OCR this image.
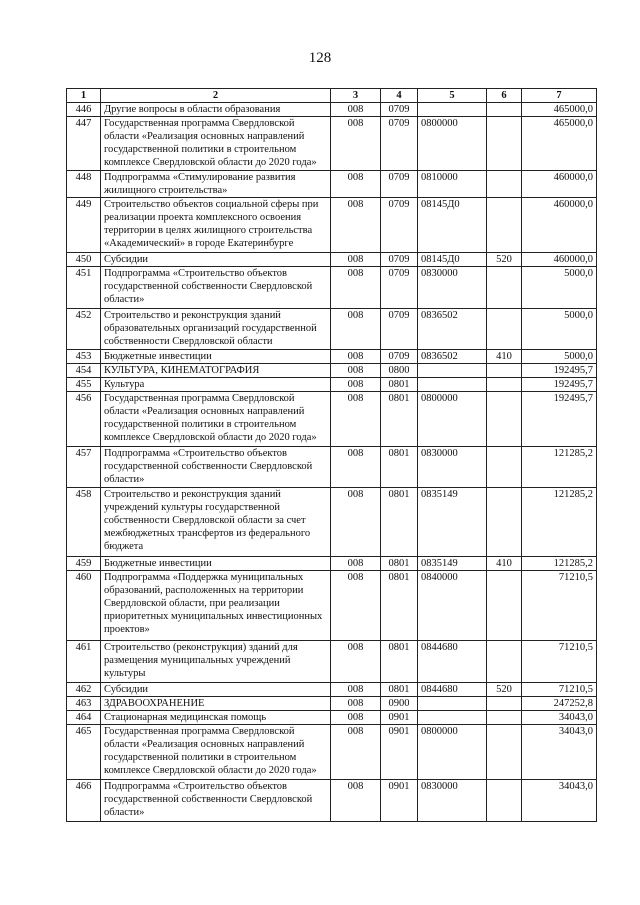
128
1	2	3	4	5	6	7
446	Другие вопросы в области образования	008	0709			465000,0
447	Государственная программа Свердловской области «Реализация основных направлений государственной политики в строительном комплексе Свердловской области до 2020 года»	008	0709	0800000		465000,0
448	Подпрограмма «Стимулирование развития жилищного строительства»	008	0709	0810000		460000,0
449	Строительство объектов социальной сферы при реализации проекта комплексного освоения территории в целях жилищного строительства «Академический» в городе Екатеринбурге	008	0709	08145Д0		460000,0
450	Субсидии	008	0709	08145Д0	520	460000,0
451	Подпрограмма «Строительство объектов государственной собственности Свердловской области»	008	0709	0830000		5000,0
452	Строительство и реконструкция зданий образовательных организаций государственной собственности Свердловской области	008	0709	0836502		5000,0
453	Бюджетные инвестиции	008	0709	0836502	410	5000,0
454	КУЛЬТУРА, КИНЕМАТОГРАФИЯ	008	0800			192495,7
455	Культура	008	0801			192495,7
456	Государственная программа Свердловской области «Реализация основных направлений государственной политики в строительном комплексе Свердловской области до 2020 года»	008	0801	0800000		192495,7
457	Подпрограмма «Строительство объектов государственной собственности Свердловской области»	008	0801	0830000		121285,2
458	Строительство и реконструкция зданий учреждений культуры государственной собственности Свердловской области за счет межбюджетных трансфертов из федерального бюджета	008	0801	0835149		121285,2
459	Бюджетные инвестиции	008	0801	0835149	410	121285,2
460	Подпрограмма «Поддержка муниципальных образований, расположенных на территории Свердловской области, при реализации приоритетных муниципальных инвестиционных проектов»	008	0801	0840000		71210,5
461	Строительство (реконструкция) зданий для размещения муниципальных учреждений культуры	008	0801	0844680		71210,5
462	Субсидии	008	0801	0844680	520	71210,5
463	ЗДРАВООХРАНЕНИЕ	008	0900			247252,8
464	Стационарная медицинская помощь	008	0901			34043,0
465	Государственная программа Свердловской области «Реализация основных направлений государственной политики в строительном комплексе Свердловской области до 2020 года»	008	0901	0800000		34043,0
466	Подпрограмма «Строительство объектов государственной собственности Свердловской области»	008	0901	0830000		34043,0
